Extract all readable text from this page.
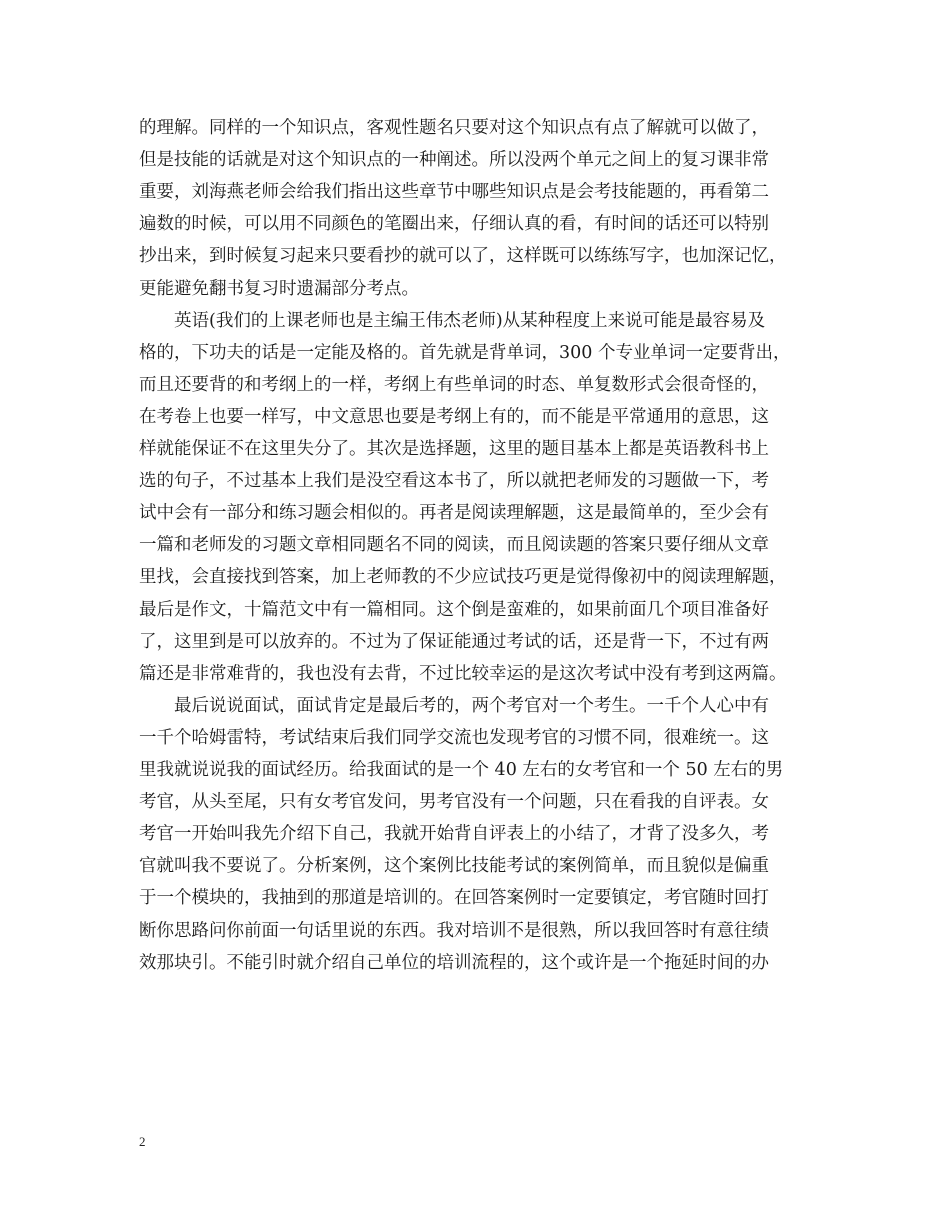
的理解。同样的一个知识点，客观性题名只要对这个知识点有点了解就可以做了，
但是技能的话就是对这个知识点的一种阐述。所以没两个单元之间上的复习课非常
重要，刘海燕老师会给我们指出这些章节中哪些知识点是会考技能题的，再看第二
遍数的时候，可以用不同颜色的笔圈出来，仔细认真的看，有时间的话还可以特别
抄出来，到时候复习起来只要看抄的就可以了，这样既可以练练写字，也加深记忆，
更能避免翻书复习时遗漏部分考点。
　　英语(我们的上课老师也是主编王伟杰老师)从某种程度上来说可能是最容易及
格的，下功夫的话是一定能及格的。首先就是背单词，300 个专业单词一定要背出，
而且还要背的和考纲上的一样，考纲上有些单词的时态、单复数形式会很奇怪的，
在考卷上也要一样写，中文意思也要是考纲上有的，而不能是平常通用的意思，这
样就能保证不在这里失分了。其次是选择题，这里的题目基本上都是英语教科书上
选的句子，不过基本上我们是没空看这本书了，所以就把老师发的习题做一下，考
试中会有一部分和练习题会相似的。再者是阅读理解题，这是最简单的，至少会有
一篇和老师发的习题文章相同题名不同的阅读，而且阅读题的答案只要仔细从文章
里找，会直接找到答案，加上老师教的不少应试技巧更是觉得像初中的阅读理解题，
最后是作文，十篇范文中有一篇相同。这个倒是蛮难的，如果前面几个项目准备好
了，这里到是可以放弃的。不过为了保证能通过考试的话，还是背一下，不过有两
篇还是非常难背的，我也没有去背，不过比较幸运的是这次考试中没有考到这两篇。
　　最后说说面试，面试肯定是最后考的，两个考官对一个考生。一千个人心中有
一千个哈姆雷特，考试结束后我们同学交流也发现考官的习惯不同，很难统一。这
里我就说说我的面试经历。给我面试的是一个 40 左右的女考官和一个 50 左右的男
考官，从头至尾，只有女考官发问，男考官没有一个问题，只在看我的自评表。女
考官一开始叫我先介绍下自己，我就开始背自评表上的小结了，才背了没多久，考
官就叫我不要说了。分析案例，这个案例比技能考试的案例简单，而且貌似是偏重
于一个模块的，我抽到的那道是培训的。在回答案例时一定要镇定，考官随时回打
断你思路问你前面一句话里说的东西。我对培训不是很熟，所以我回答时有意往绩
效那块引。不能引时就介绍自己单位的培训流程的，这个或许是一个拖延时间的办
2
